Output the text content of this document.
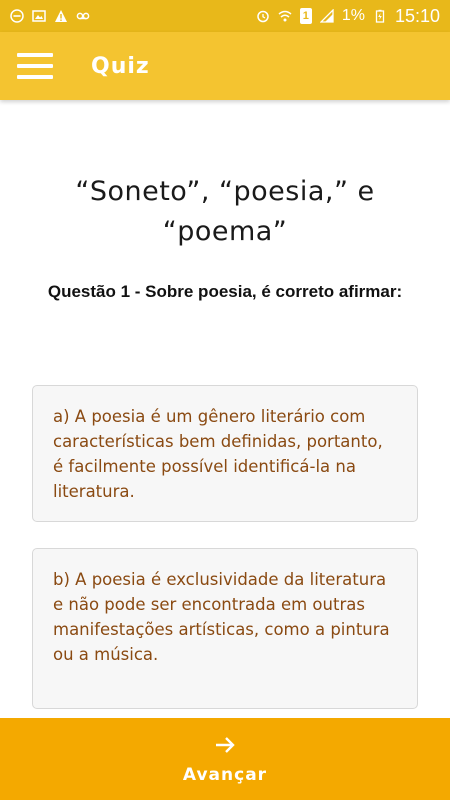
1 1% 15:10
Quiz
“Soneto”, “poesia,” e “poema”
Questão 1 - Sobre poesia, é correto afirmar:
a) A poesia é um gênero literário com características bem definidas, portanto, é facilmente possível identificá-la na literatura.
b) A poesia é exclusividade da literatura e não pode ser encontrada em outras manifestações artísticas, como a pintura ou a música.
Avançar
